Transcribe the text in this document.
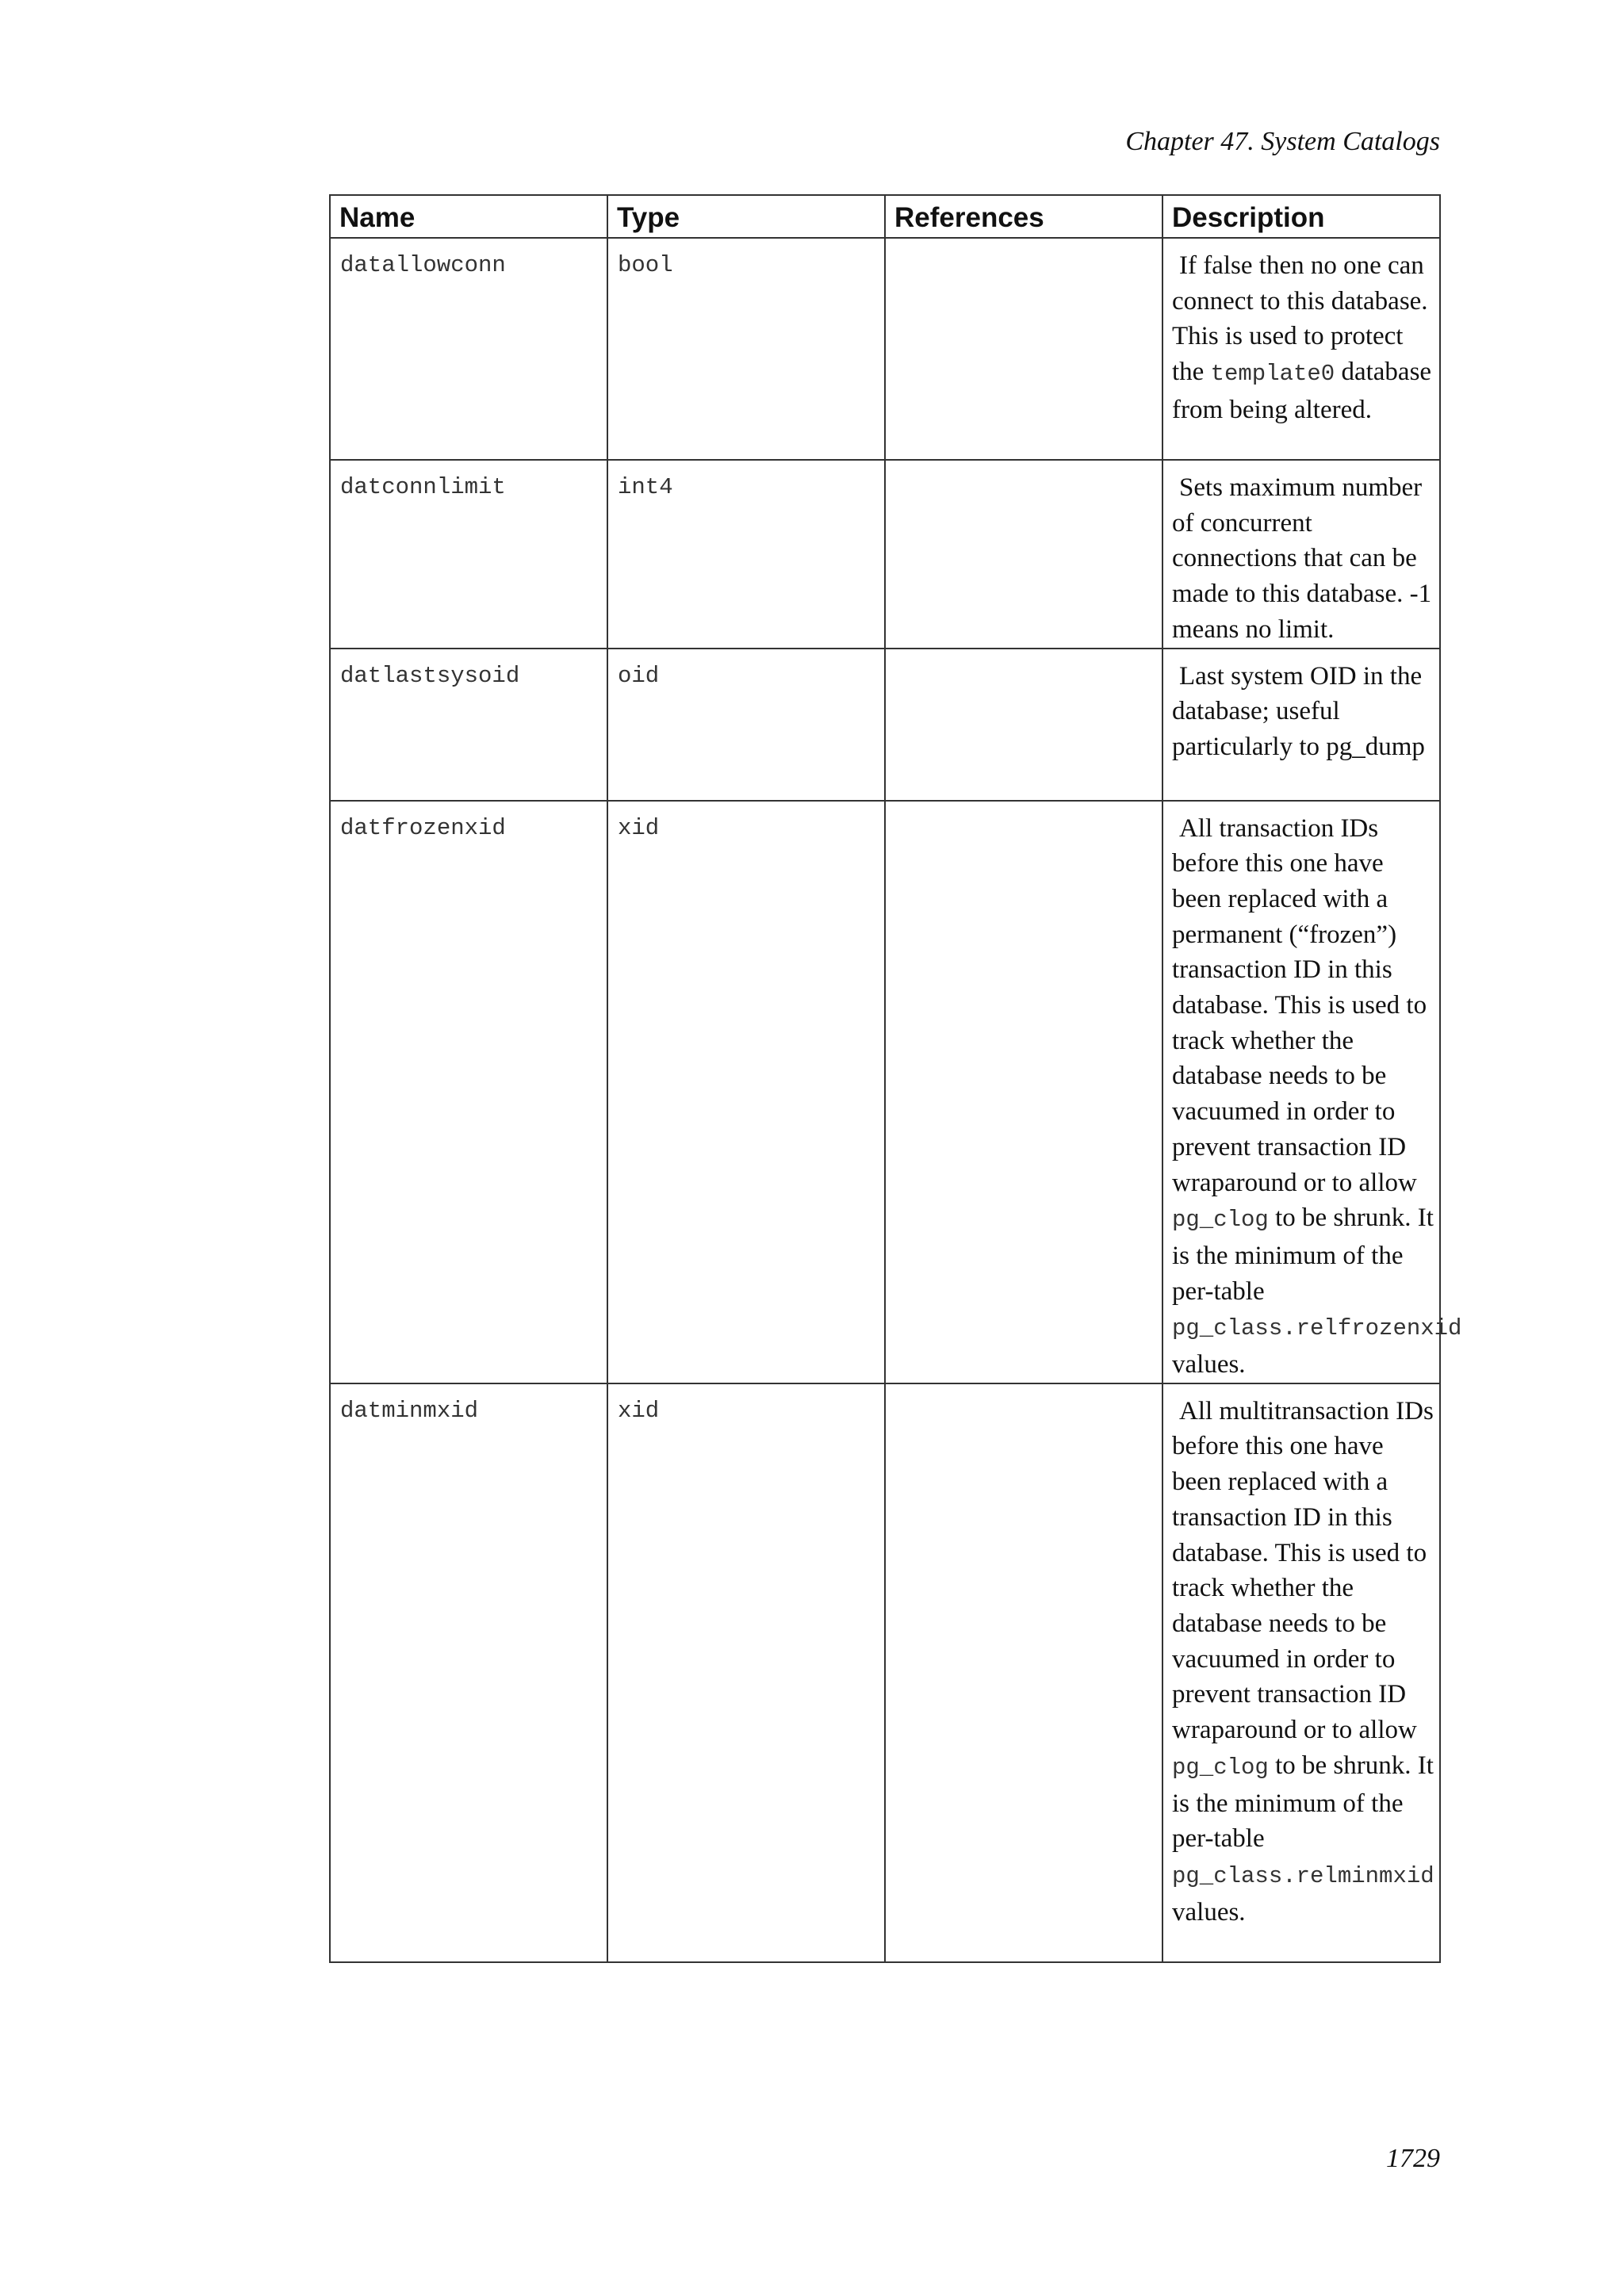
Chapter 47. System Catalogs
Name	Type	References	Description
datallowconn	bool		If false then no one can connect to this database. This is used to protect the template0 database from being altered.

datconnlimit	int4		Sets maximum number of concurrent connections that can be made to this database. -1 means no limit.

datlastsysoid	oid		Last system OID in the database; useful particularly to pg_dump

datfrozenxid	xid		All transaction IDs before this one have been replaced with a permanent (“frozen”) transaction ID in this database. This is used to track whether the database needs to be vacuumed in order to prevent transaction ID wraparound or to allow pg_clog to be shrunk. It is the minimum of the per-table pg_class.relfrozenxid values.

datminmxid	xid		All multitransaction IDs before this one have been replaced with a transaction ID in this database. This is used to track whether the database needs to be vacuumed in order to prevent transaction ID wraparound or to allow pg_clog to be shrunk. It is the minimum of the per-table pg_class.relminmxid values.
1729
